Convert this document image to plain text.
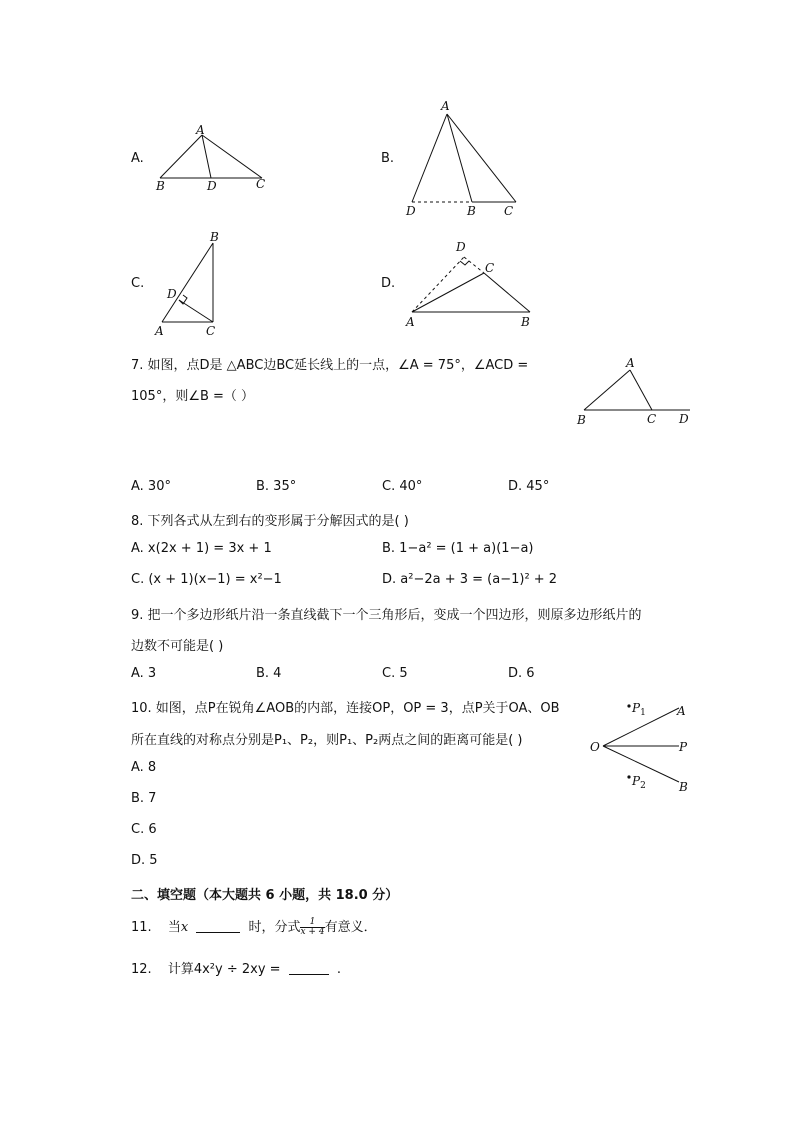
A.
A
B	D	C
B.
A
D	B C
C.
B
D
A	C
D.
D
C
A	B
7. 如图，点D是 △ABC边BC延长线上的一点，∠A = 75°，∠ACD =
105°，则∠B =（ ）
A
B	C D
A. 30°	B. 35°	C. 40°	D. 45°
8. 下列各式从左到右的变形属于分解因式的是( )
A. x(2x + 1) = 3x + 1	B. 1−a² = (1 + a)(1−a)
C. (x + 1)(x−1) = x²−1	D. a²−2a + 3 = (a−1)² + 2
9. 把一个多边形纸片沿一条直线截下一个三角形后，变成一个四边形，则原多边形纸片的
边数不可能是( )
A. 3	B. 4	C. 5	D. 6
10. 如图，点P在锐角∠AOB的内部，连接OP，OP = 3，点P关于OA、OB
所在直线的对称点分别是P₁、P₂，则P₁、P₂两点之间的距离可能是( )
$P_1$
$P_2$
A
O	P
B
A. 8
B. 7
C. 6
D. 5
二、填空题（本大题共 6 小题，共 18.0 分）
11. 当x	时，分式 $\frac{1}{x + 4}$ 有意义．
12. 计算4x²y ÷ 2xy =	.
